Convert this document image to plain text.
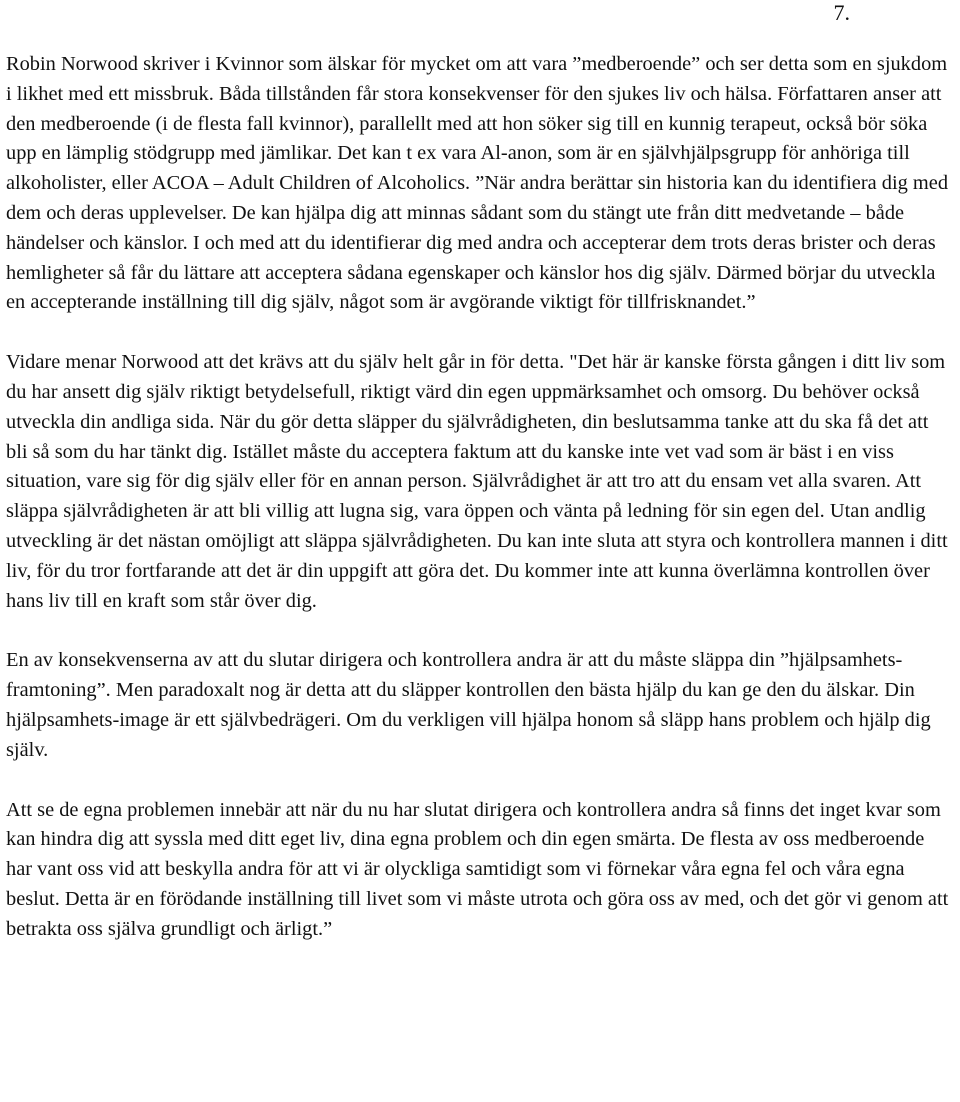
7.

Robin Norwood skriver i Kvinnor som älskar för mycket om att vara ”medberoende” och ser detta som en sjukdom i likhet med ett missbruk. Båda tillstånden får stora konsekvenser för den sjukes liv och hälsa. Författaren anser att den medberoende (i de flesta fall kvinnor), parallellt med att hon söker sig till en kunnig terapeut, också bör söka upp en lämplig stödgrupp med jämlikar. Det kan t ex vara Al-anon, som är en självhjälpsgrupp för anhöriga till alkoholister, eller ACOA – Adult Children of Alcoholics. ”När andra berättar sin historia kan du identifiera dig med dem och deras upplevelser. De kan hjälpa dig att minnas sådant som du stängt ute från ditt medvetande – både händelser och känslor. I och med att du identifierar dig med andra och accepterar dem trots deras brister och deras hemligheter så får du lättare att acceptera sådana egenskaper och känslor hos dig själv. Därmed börjar du utveckla en accepterande inställning till dig själv, något som är avgörande viktigt för tillfrisknandet.”

Vidare menar Norwood att det krävs att du själv helt går in för detta. "Det här är kanske första gången i ditt liv som du har ansett dig själv riktigt betydelsefull, riktigt värd din egen uppmärksamhet och omsorg. Du behöver också utveckla din andliga sida. När du gör detta släpper du självrådigheten, din beslutsamma tanke att du ska få det att bli så som du har tänkt dig. Istället måste du acceptera faktum att du kanske inte vet vad som är bäst i en viss situation, vare sig för dig själv eller för en annan person. Självrådighet är att tro att du ensam vet alla svaren. Att släppa självrådigheten är att bli villig att lugna sig, vara öppen och vänta på ledning för sin egen del. Utan andlig utveckling är det nästan omöjligt att släppa självrådigheten. Du kan inte sluta att styra och kontrollera mannen i ditt liv, för du tror fortfarande att det är din uppgift att göra det. Du kommer inte att kunna överlämna kontrollen över hans liv till en kraft som står över dig.

En av konsekvenserna av att du slutar dirigera och kontrollera andra är att du måste släppa din ”hjälpsamhets-framtoning”. Men paradoxalt nog är detta att du släpper kontrollen den bästa hjälp du kan ge den du älskar. Din hjälpsamhets-image är ett självbedrägeri. Om du verkligen vill hjälpa honom så släpp hans problem och hjälp dig själv.

Att se de egna problemen innebär att när du nu har slutat dirigera och kontrollera andra så finns det inget kvar som kan hindra dig att syssla med ditt eget liv, dina egna problem och din egen smärta. De flesta av oss medberoende har vant oss vid att beskylla andra för att vi är olyckliga samtidigt som vi förnekar våra egna fel och våra egna beslut. Detta är en förödande inställning till livet som vi måste utrota och göra oss av med, och det gör vi genom att betrakta oss själva grundligt och ärligt.”
